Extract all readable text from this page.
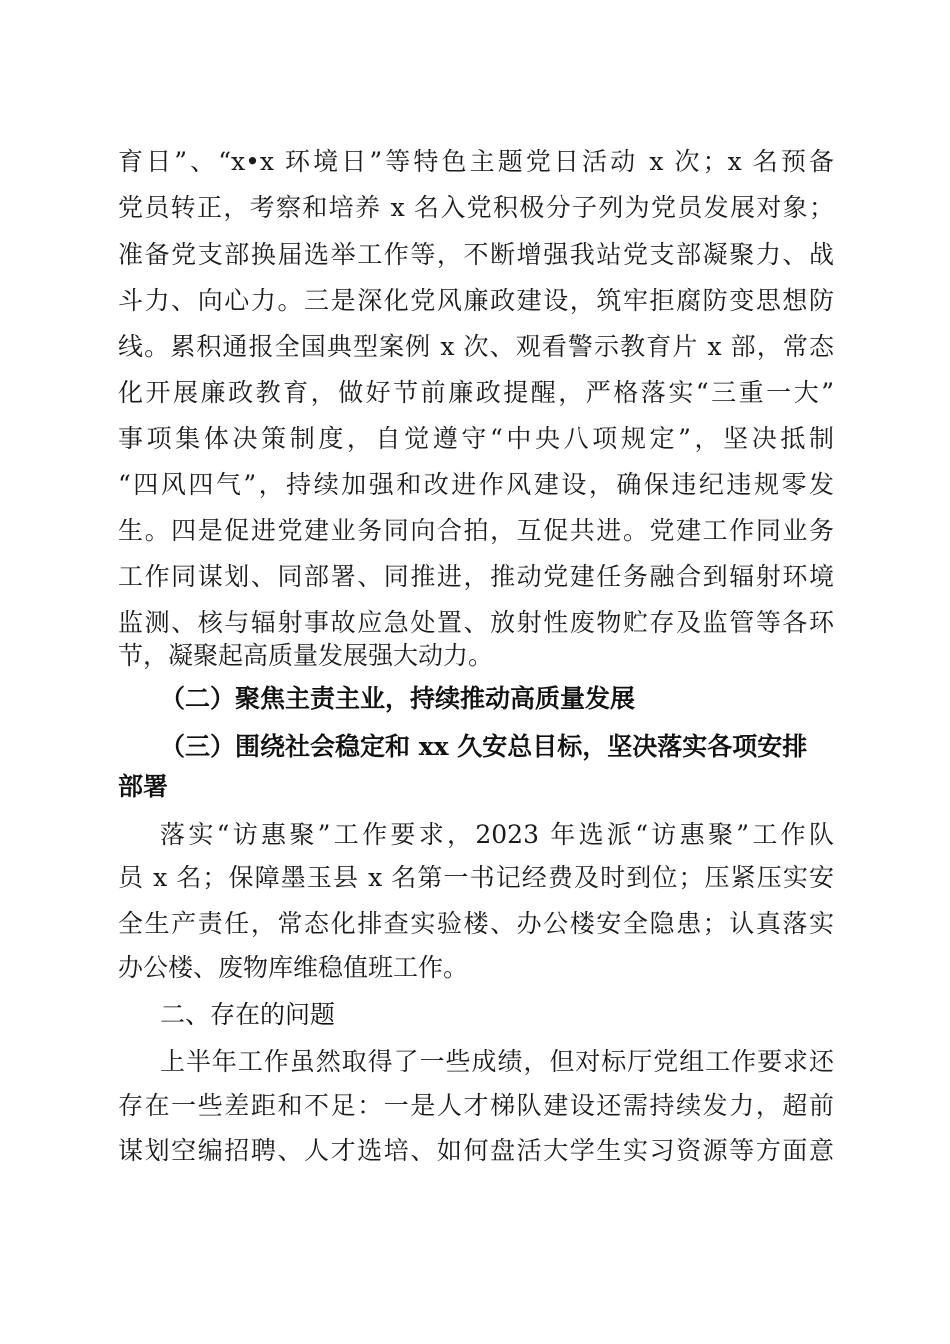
育日”、“x•x 环境日”等特色主题党日活动 x 次；x 名预备
党员转正，考察和培养 x 名入党积极分子列为党员发展对象；
准备党支部换届选举工作等，不断增强我站党支部凝聚力、战
斗力、向心力。三是深化党风廉政建设，筑牢拒腐防变思想防
线。累积通报全国典型案例 x 次、观看警示教育片 x 部，常态
化开展廉政教育，做好节前廉政提醒，严格落实“三重一大”
事项集体决策制度，自觉遵守“中央八项规定”，坚决抵制
“四风四气”，持续加强和改进作风建设，确保违纪违规零发
生。四是促进党建业务同向合拍，互促共进。党建工作同业务
工作同谋划、同部署、同推进，推动党建任务融合到辐射环境
监测、核与辐射事故应急处置、放射性废物贮存及监管等各环
节，凝聚起高质量发展强大动力。
（二）聚焦主责主业，持续推动高质量发展
（三）围绕社会稳定和 xx 久安总目标，坚决落实各项安排
部署
落实“访惠聚”工作要求，2023 年选派“访惠聚”工作队
员 x 名；保障墨玉县 x 名第一书记经费及时到位；压紧压实安
全生产责任，常态化排查实验楼、办公楼安全隐患；认真落实
办公楼、废物库维稳值班工作。
二、存在的问题
上半年工作虽然取得了一些成绩，但对标厅党组工作要求还
存在一些差距和不足：一是人才梯队建设还需持续发力，超前
谋划空编招聘、人才选培、如何盘活大学生实习资源等方面意
